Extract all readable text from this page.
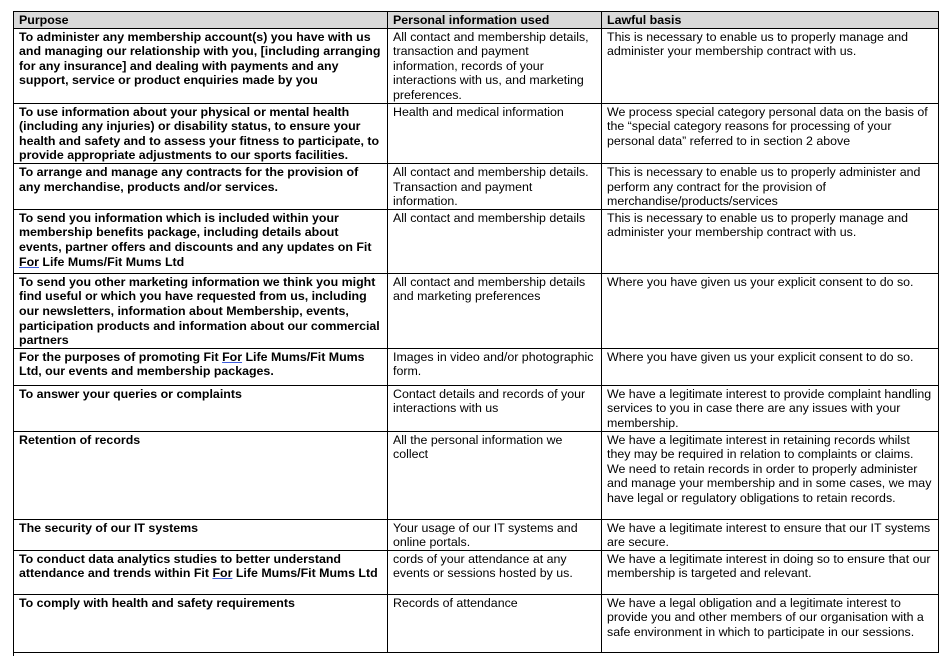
Purpose	Personal information used	Lawful basis
To administer any membership account(s) you have with us and managing our relationship with you, [including arranging for any insurance] and dealing with payments and any support, service or product enquiries made by you	All contact and membership details, transaction and payment information, records of your interactions with us, and marketing preferences.	This is necessary to enable us to properly manage and administer your membership contract with us.
To use information about your physical or mental health (including any injuries) or disability status, to ensure your health and safety and to assess your fitness to participate, to provide appropriate adjustments to our sports facilities.	Health and medical information	We process special category personal data on the basis of the “special category reasons for processing of your personal data” referred to in section 2 above
To arrange and manage any contracts for the provision of any merchandise, products and/or services.	All contact and membership details. Transaction and payment information.	This is necessary to enable us to properly administer and perform any contract for the provision of merchandise/products/services
To send you information which is included within your membership benefits package, including details about events, partner offers and discounts and any updates on Fit For Life Mums/Fit Mums Ltd	All contact and membership details	This is necessary to enable us to properly manage and administer your membership contract with us.
To send you other marketing information we think you might find useful or which you have requested from us, including our newsletters, information about Membership, events, participation products and information about our commercial partners	All contact and membership details and marketing preferences	Where you have given us your explicit consent to do so.
For the purposes of promoting Fit For Life Mums/Fit Mums Ltd, our events and membership packages.	Images in video and/or photographic form.	Where you have given us your explicit consent to do so.
To answer your queries or complaints	Contact details and records of your interactions with us	We have a legitimate interest to provide complaint handling services to you in case there are any issues with your membership.
Retention of records	All the personal information we collect	We have a legitimate interest in retaining records whilst they may be required in relation to complaints or claims. We need to retain records in order to properly administer and manage your membership and in some cases, we may have legal or regulatory obligations to retain records.
The security of our IT systems	Your usage of our IT systems and online portals.	We have a legitimate interest to ensure that our IT systems are secure.
To conduct data analytics studies to better understand attendance and trends within Fit For Life Mums/Fit Mums Ltd	cords of your attendance at any events or sessions hosted by us.	We have a legitimate interest in doing so to ensure that our membership is targeted and relevant.
To comply with health and safety requirements	Records of attendance	We have a legal obligation and a legitimate interest to provide you and other members of our organisation with a safe environment in which to participate in our sessions.
